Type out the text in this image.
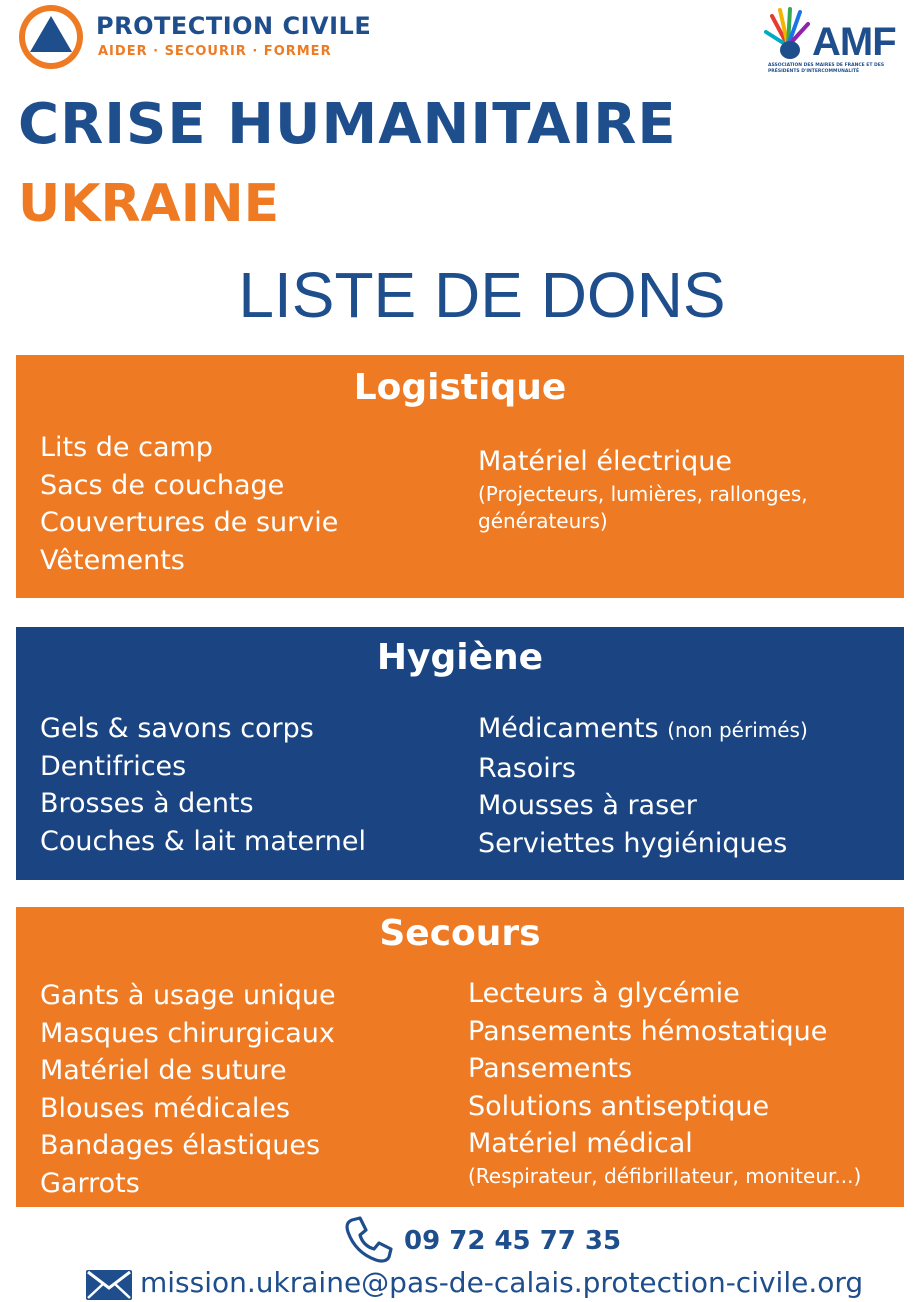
PROTECTION CIVILE
AIDER · SECOURIR · FORMER	AMF
ASSOCIATION DES MAIRES DE FRANCE ET DES PRÉSIDENTS D'INTERCOMMUNALITÉ
CRISE HUMANITAIRE
UKRAINE
LISTE DE DONS
Logistique
Lits de camp
Sacs de couchage
Couvertures de survie
Vêtements
Matériel électrique
(Projecteurs, lumières, rallonges,
générateurs)
Hygiène
Gels & savons corps
Dentifrices
Brosses à dents
Couches & lait maternel
Médicaments (non périmés)
Rasoirs
Mousses à raser
Serviettes hygiéniques
Secours
Gants à usage unique
Masques chirurgicaux
Matériel de suture
Blouses médicales
Bandages élastiques
Garrots
Lecteurs à glycémie
Pansements hémostatique
Pansements
Solutions antiseptique
Matériel médical
(Respirateur, défibrillateur, moniteur...)
09 72 45 77 35
mission.ukraine@pas-de-calais.protection-civile.org
